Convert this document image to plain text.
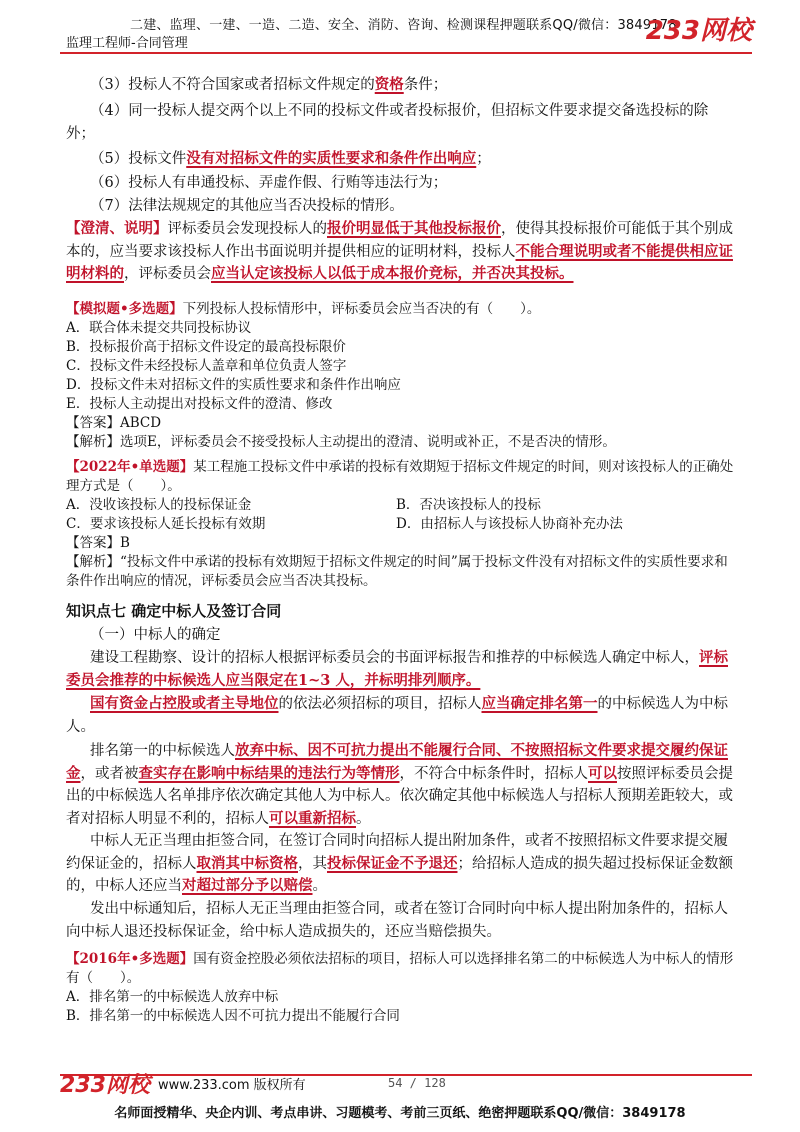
二建、监理、一建、一造、二造、安全、消防、咨询、检测课程押题联系QQ/微信：3849178
监理工程师-合同管理	233网校
（3）投标人不符合国家或者招标文件规定的资格条件；
（4）同一投标人提交两个以上不同的投标文件或者投标报价，但招标文件要求提交备选投标的除外；
（5）投标文件没有对招标文件的实质性要求和条件作出响应；
（6）投标人有串通投标、弄虚作假、行贿等违法行为；
（7）法律法规规定的其他应当否决投标的情形。
【澄清、说明】评标委员会发现投标人的报价明显低于其他投标报价，使得其投标报价可能低于其个别成本的，应当要求该投标人作出书面说明并提供相应的证明材料，投标人不能合理说明或者不能提供相应证明材料的，评标委员会应当认定该投标人以低于成本报价竞标，并否决其投标。
【模拟题•多选题】下列投标人投标情形中，评标委员会应当否决的有（　　）。
A．联合体未提交共同投标协议
B．投标报价高于招标文件设定的最高投标限价
C．投标文件未经投标人盖章和单位负责人签字
D．投标文件未对招标文件的实质性要求和条件作出响应
E．投标人主动提出对投标文件的澄清、修改
【答案】ABCD
【解析】选项E，评标委员会不接受投标人主动提出的澄清、说明或补正，不是否决的情形。
【2022年•单选题】某工程施工投标文件中承诺的投标有效期短于招标文件规定的时间，则对该投标人的正确处理方式是（　　）。
A．没收该投标人的投标保证金	B．否决该投标人的投标
C．要求该投标人延长投标有效期	D．由招标人与该投标人协商补充办法
【答案】B
【解析】“投标文件中承诺的投标有效期短于招标文件规定的时间”属于投标文件没有对招标文件的实质性要求和条件作出响应的情况，评标委员会应当否决其投标。
知识点七 确定中标人及签订合同
（一）中标人的确定
建设工程勘察、设计的招标人根据评标委员会的书面评标报告和推荐的中标候选人确定中标人，评标委员会推荐的中标候选人应当限定在1~3 人，并标明排列顺序。
国有资金占控股或者主导地位的依法必须招标的项目，招标人应当确定排名第一的中标候选人为中标人。
排名第一的中标候选人放弃中标、因不可抗力提出不能履行合同、不按照招标文件要求提交履约保证金，或者被查实存在影响中标结果的违法行为等情形，不符合中标条件时，招标人可以按照评标委员会提出的中标候选人名单排序依次确定其他人为中标人。依次确定其他中标候选人与招标人预期差距较大，或者对招标人明显不利的，招标人可以重新招标。
中标人无正当理由拒签合同，在签订合同时向招标人提出附加条件，或者不按照招标文件要求提交履约保证金的，招标人取消其中标资格，其投标保证金不予退还；给招标人造成的损失超过投标保证金数额的，中标人还应当对超过部分予以赔偿。
发出中标通知后，招标人无正当理由拒签合同，或者在签订合同时向中标人提出附加条件的，招标人向中标人退还投标保证金，给中标人造成损失的，还应当赔偿损失。
【2016年•多选题】国有资金控股必须依法招标的项目，招标人可以选择排名第二的中标候选人为中标人的情形有（　　）。
A．排名第一的中标候选人放弃中标
B．排名第一的中标候选人因不可抗力提出不能履行合同
233网校 www.233.com 版权所有	54 / 128
名师面授精华、央企内训、考点串讲、习题模考、考前三页纸、绝密押题联系QQ/微信：3849178
